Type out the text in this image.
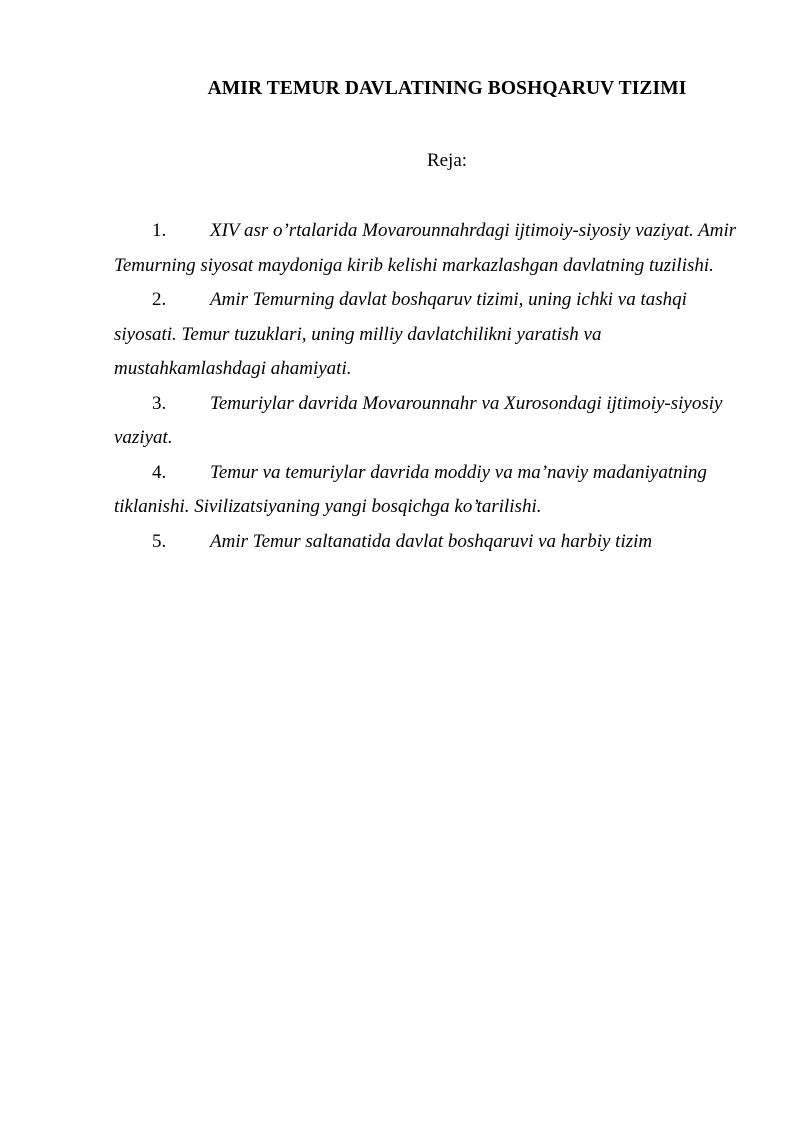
AMIR TEMUR DAVLATINING BOSHQARUV TIZIMI
Reja:
1. XIV asr o’rtalarida Movarounnahrdagi ijtimoiy-siyosiy vaziyat. Amir Temurning siyosat maydoniga kirib kelishi markazlashgan davlatning tuzilishi.
2. Amir Temurning davlat boshqaruv tizimi, uning ichki va tashqi siyosati. Temur tuzuklari, uning milliy davlatchilikni yaratish va mustahkamlashdagi ahamiyati.
3. Temuriylar davrida Movarounnahr va Xurosondagi ijtimoiy-siyosiy vaziyat.
4. Temur va temuriylar davrida moddiy va ma’naviy madaniyatning tiklanishi. Sivilizatsiyaning yangi bosqichga ko’tarilishi.
5. Amir Temur saltanatida davlat boshqaruvi va harbiy tizim
